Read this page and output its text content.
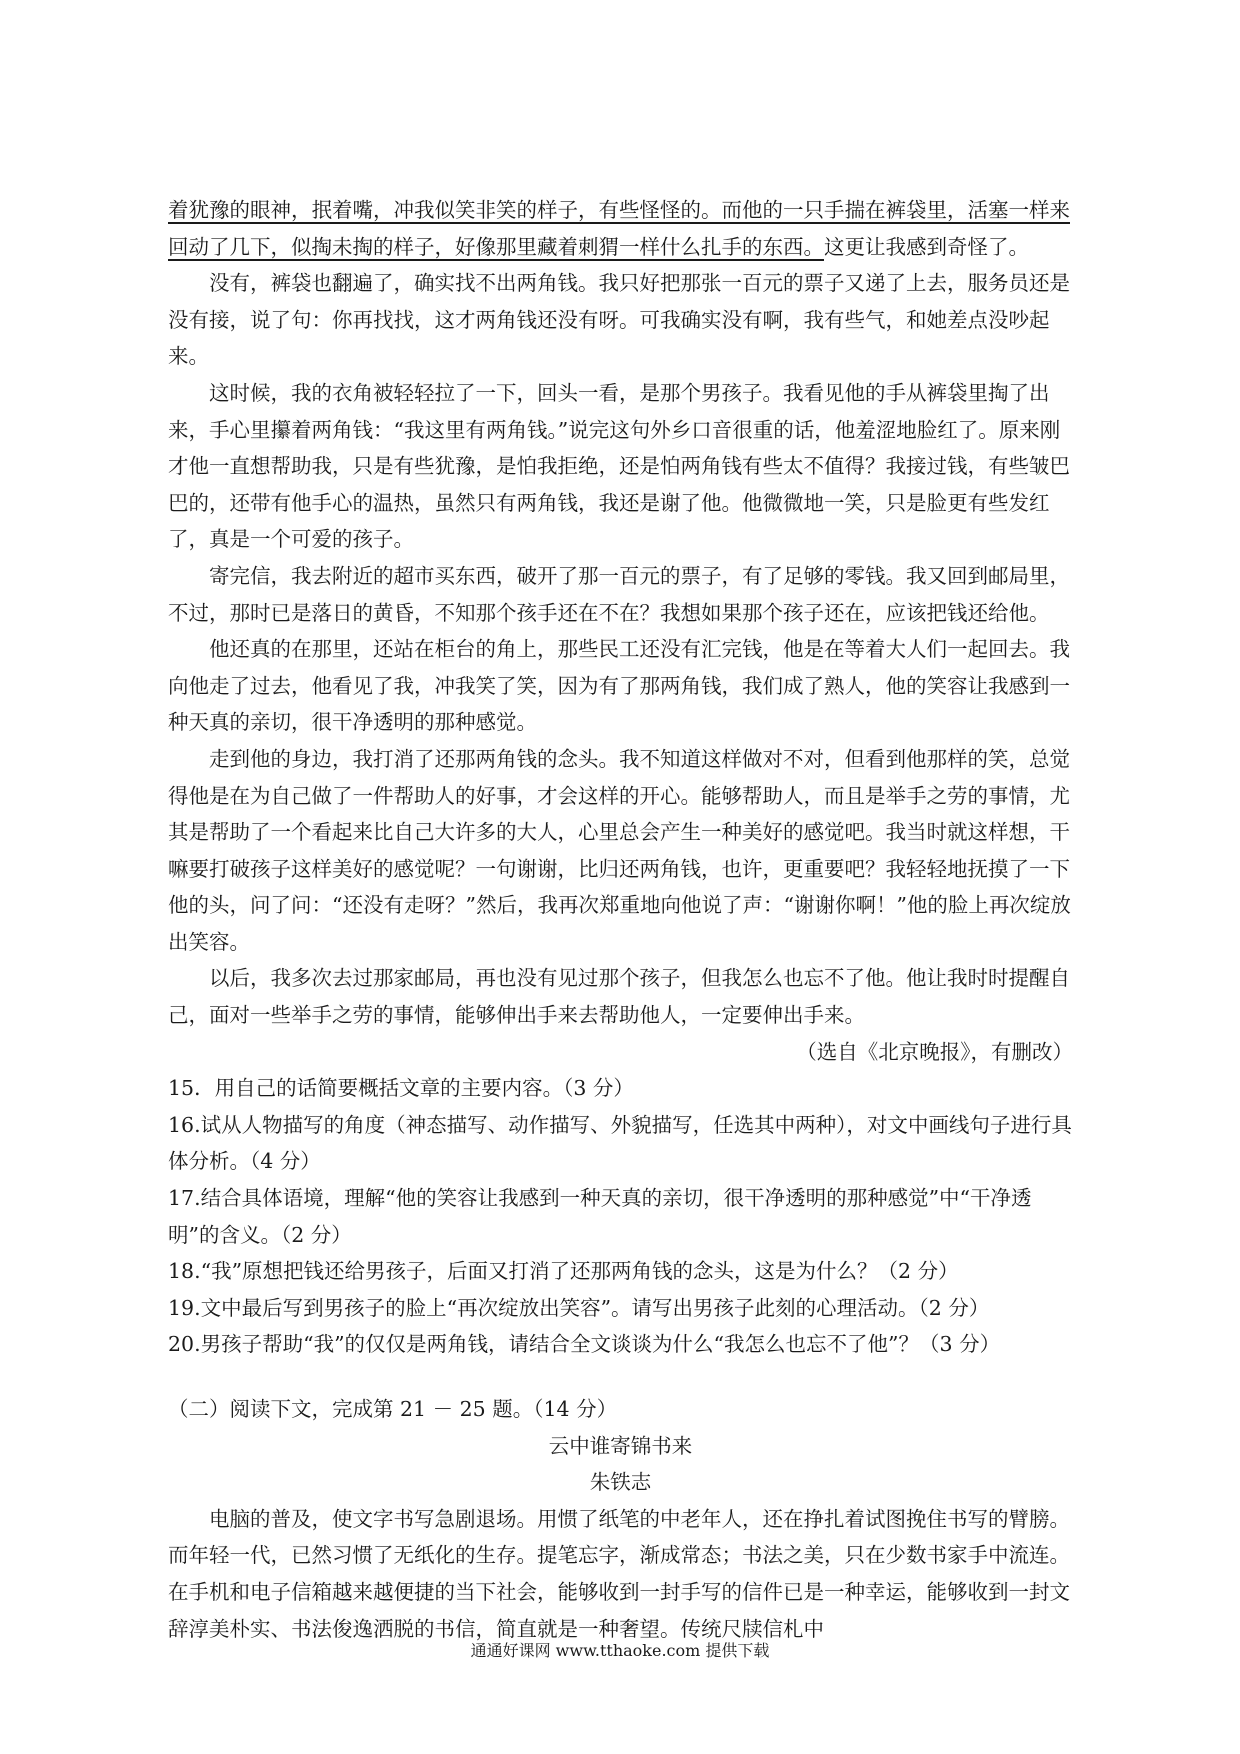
着犹豫的眼神，抿着嘴，冲我似笑非笑的样子，有些怪怪的。而他的一只手揣在裤袋里，活塞一样来回动了几下，似掏未掏的样子，好像那里藏着刺猬一样什么扎手的东西。这更让我感到奇怪了。

没有，裤袋也翻遍了，确实找不出两角钱。我只好把那张一百元的票子又递了上去，服务员还是没有接，说了句：你再找找，这才两角钱还没有呀。可我确实没有啊，我有些气，和她差点没吵起来。

这时候，我的衣角被轻轻拉了一下，回头一看，是那个男孩子。我看见他的手从裤袋里掏了出来，手心里攥着两角钱：“我这里有两角钱。”说完这句外乡口音很重的话，他羞涩地脸红了。原来刚才他一直想帮助我，只是有些犹豫，是怕我拒绝，还是怕两角钱有些太不值得？我接过钱，有些皱巴巴的，还带有他手心的温热，虽然只有两角钱，我还是谢了他。他微微地一笑，只是脸更有些发红了，真是一个可爱的孩子。

寄完信，我去附近的超市买东西，破开了那一百元的票子，有了足够的零钱。我又回到邮局里，不过，那时已是落日的黄昏，不知那个孩手还在不在？我想如果那个孩子还在，应该把钱还给他。

他还真的在那里，还站在柜台的角上，那些民工还没有汇完钱，他是在等着大人们一起回去。我向他走了过去，他看见了我，冲我笑了笑，因为有了那两角钱，我们成了熟人，他的笑容让我感到一种天真的亲切，很干净透明的那种感觉。

走到他的身边，我打消了还那两角钱的念头。我不知道这样做对不对，但看到他那样的笑，总觉得他是在为自己做了一件帮助人的好事，才会这样的开心。能够帮助人，而且是举手之劳的事情，尤其是帮助了一个看起来比自己大许多的大人，心里总会产生一种美好的感觉吧。我当时就这样想，干嘛要打破孩子这样美好的感觉呢？一句谢谢，比归还两角钱，也许，更重要吧？我轻轻地抚摸了一下他的头，问了问：“还没有走呀？”然后，我再次郑重地向他说了声：“谢谢你啊！”他的脸上再次绽放出笑容。

以后，我多次去过那家邮局，再也没有见过那个孩子，但我怎么也忘不了他。他让我时时提醒自己，面对一些举手之劳的事情，能够伸出手来去帮助他人，一定要伸出手来。

（选自《北京晚报》，有删改）

15．用自己的话简要概括文章的主要内容。（3 分）

16.试从人物描写的角度（神态描写、动作描写、外貌描写，任选其中两种），对文中画线句子进行具体分析。（4 分）

17.结合具体语境，理解“他的笑容让我感到一种天真的亲切，很干净透明的那种感觉”中“干净透明”的含义。（2 分）

18.“我”原想把钱还给男孩子，后面又打消了还那两角钱的念头，这是为什么？（2 分）

19.文中最后写到男孩子的脸上“再次绽放出笑容”。请写出男孩子此刻的心理活动。（2 分）

20.男孩子帮助“我”的仅仅是两角钱，请结合全文谈谈为什么“我怎么也忘不了他”？（3 分）

（二）阅读下文，完成第 21 － 25 题。（14 分）

云中谁寄锦书来

朱铁志

电脑的普及，使文字书写急剧退场。用惯了纸笔的中老年人，还在挣扎着试图挽住书写的臂膀。而年轻一代，已然习惯了无纸化的生存。提笔忘字，渐成常态；书法之美，只在少数书家手中流连。在手机和电子信箱越来越便捷的当下社会，能够收到一封手写的信件已是一种幸运，能够收到一封文辞淳美朴实、书法俊逸洒脱的书信，简直就是一种奢望。传统尺牍信札中

通通好课网 www.tthaoke.com 提供下载
